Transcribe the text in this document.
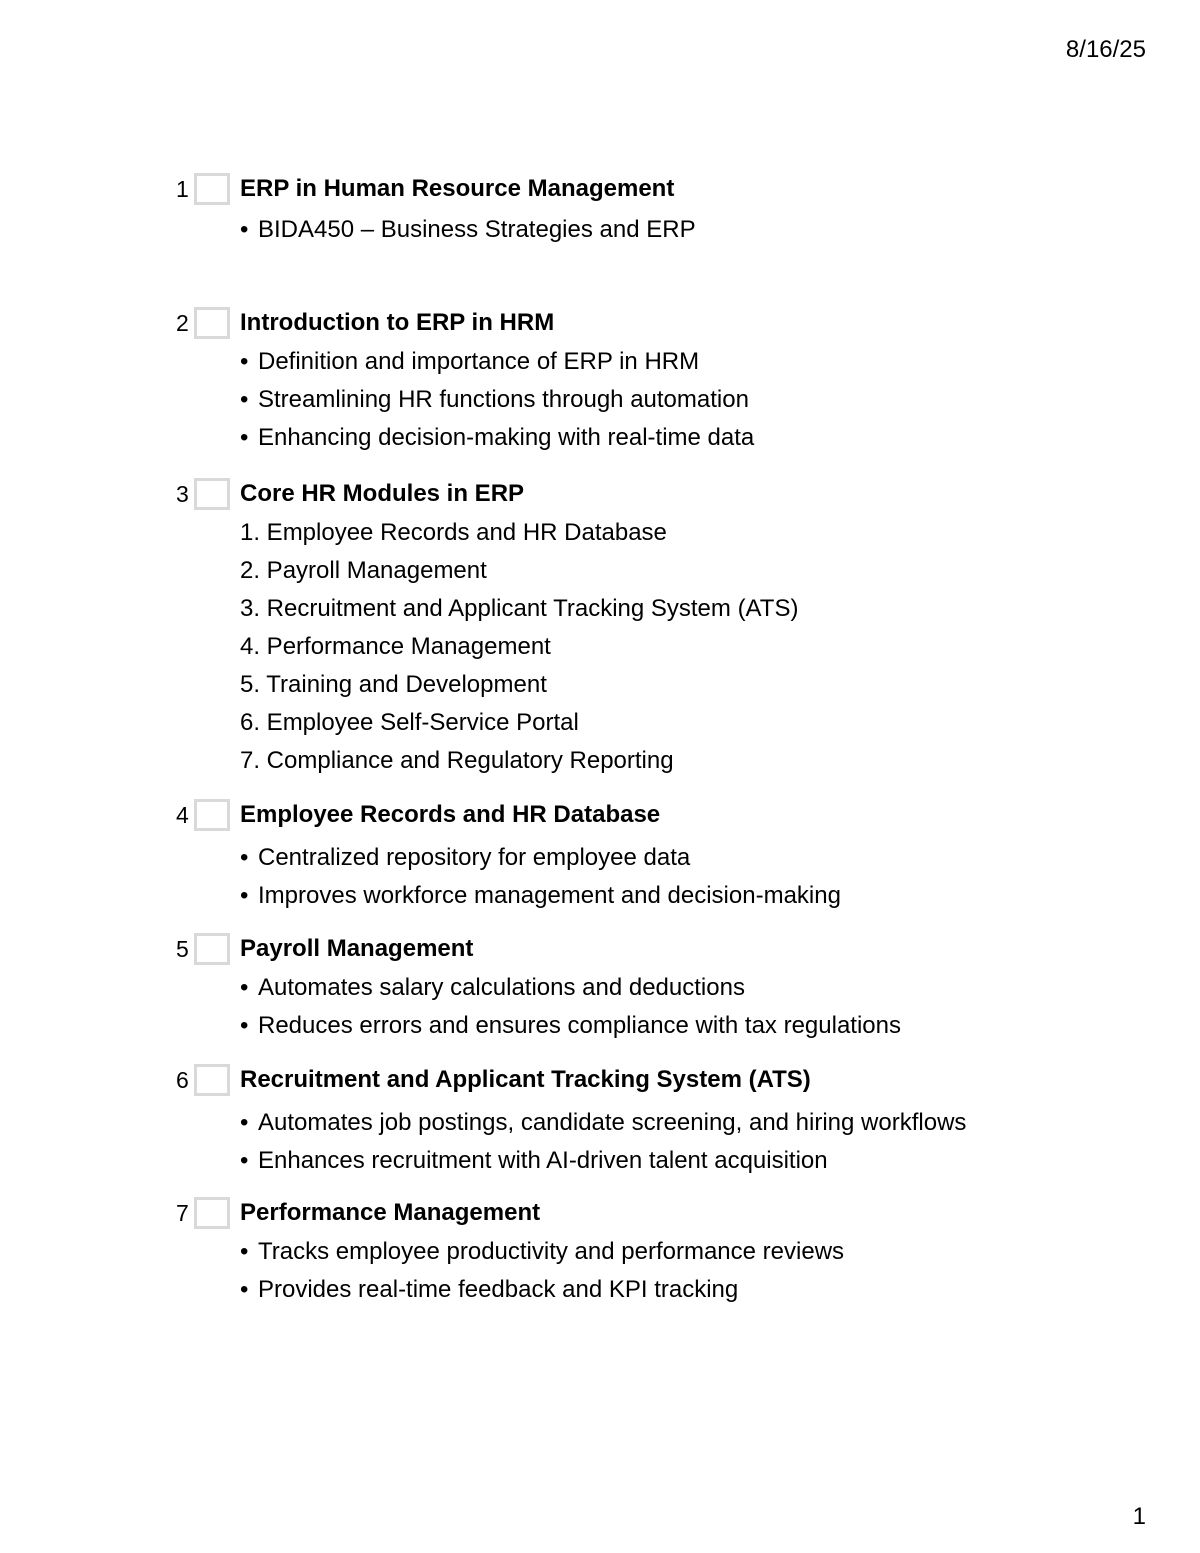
8/16/25
1 ERP in Human Resource Management
• BIDA450 – Business Strategies and ERP
2 Introduction to ERP in HRM
• Definition and importance of ERP in HRM
• Streamlining HR functions through automation
• Enhancing decision-making with real-time data
3 Core HR Modules in ERP
1. Employee Records and HR Database
2. Payroll Management
3. Recruitment and Applicant Tracking System (ATS)
4. Performance Management
5. Training and Development
6. Employee Self-Service Portal
7. Compliance and Regulatory Reporting
4 Employee Records and HR Database
• Centralized repository for employee data
• Improves workforce management and decision-making
5 Payroll Management
• Automates salary calculations and deductions
• Reduces errors and ensures compliance with tax regulations
6 Recruitment and Applicant Tracking System (ATS)
• Automates job postings, candidate screening, and hiring workflows
• Enhances recruitment with AI-driven talent acquisition
7 Performance Management
• Tracks employee productivity and performance reviews
• Provides real-time feedback and KPI tracking
1
